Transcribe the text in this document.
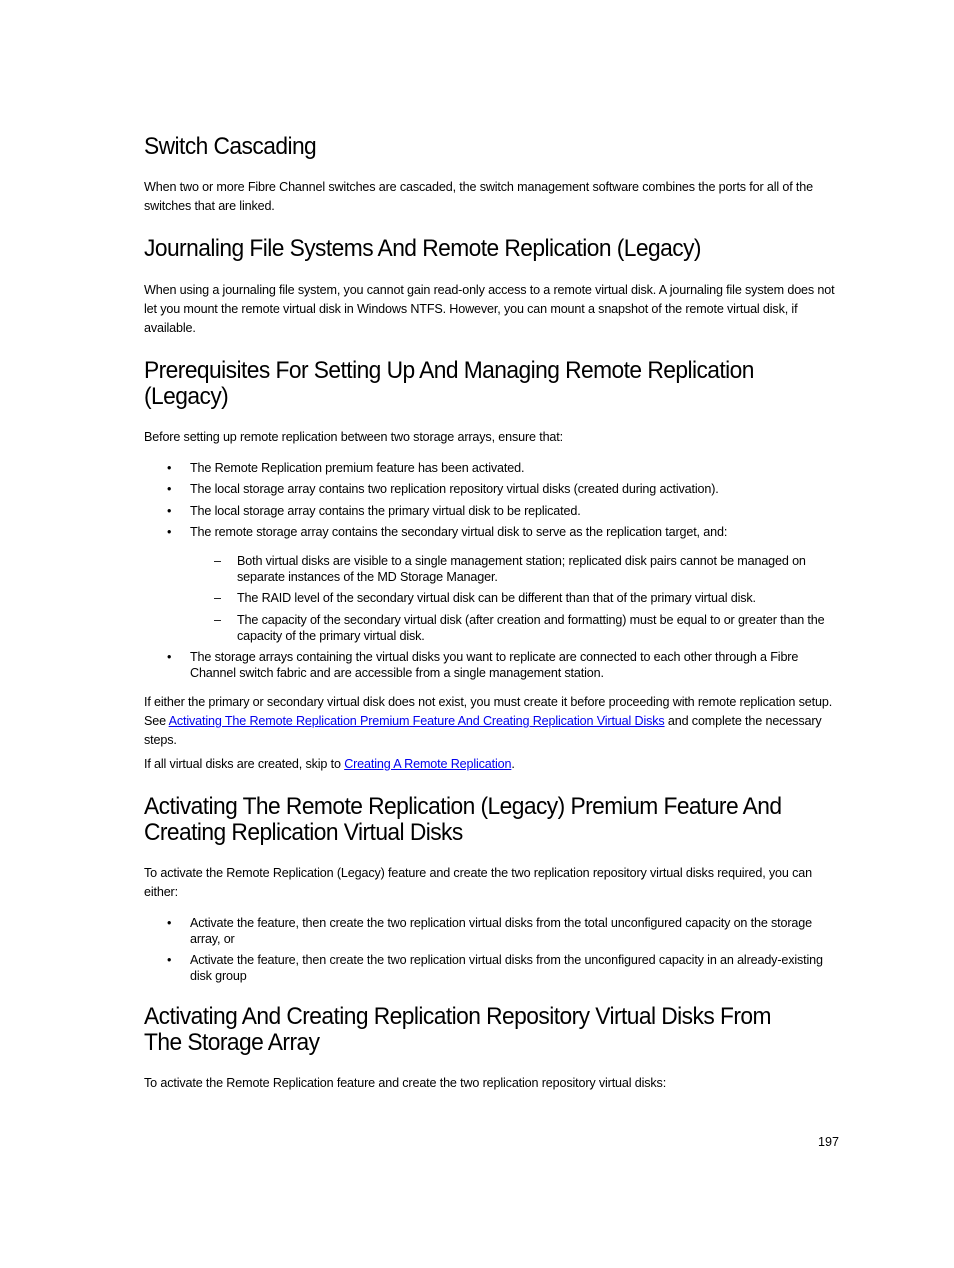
Switch Cascading

When two or more Fibre Channel switches are cascaded, the switch management software combines the ports for all of the switches that are linked.

Journaling File Systems And Remote Replication (Legacy)

When using a journaling file system, you cannot gain read-only access to a remote virtual disk. A journaling file system does not let you mount the remote virtual disk in Windows NTFS. However, you can mount a snapshot of the remote virtual disk, if available.

Prerequisites For Setting Up And Managing Remote Replication
(Legacy)

Before setting up remote replication between two storage arrays, ensure that:

• The Remote Replication premium feature has been activated.
• The local storage array contains two replication repository virtual disks (created during activation).
• The local storage array contains the primary virtual disk to be replicated.
• The remote storage array contains the secondary virtual disk to serve as the replication target, and:
– Both virtual disks are visible to a single management station; replicated disk pairs cannot be managed on separate instances of the MD Storage Manager.
– The RAID level of the secondary virtual disk can be different than that of the primary virtual disk.
– The capacity of the secondary virtual disk (after creation and formatting) must be equal to or greater than the capacity of the primary virtual disk.
• The storage arrays containing the virtual disks you want to replicate are connected to each other through a Fibre Channel switch fabric and are accessible from a single management station.

If either the primary or secondary virtual disk does not exist, you must create it before proceeding with remote replication setup. See Activating The Remote Replication Premium Feature And Creating Replication Virtual Disks and complete the necessary steps.

If all virtual disks are created, skip to Creating A Remote Replication.

Activating The Remote Replication (Legacy) Premium Feature And
Creating Replication Virtual Disks

To activate the Remote Replication (Legacy) feature and create the two replication repository virtual disks required, you can either:

• Activate the feature, then create the two replication virtual disks from the total unconfigured capacity on the storage array, or
• Activate the feature, then create the two replication virtual disks from the unconfigured capacity in an already-existing disk group
Activating And Creating Replication Repository Virtual Disks From
The Storage Array

To activate the Remote Replication feature and create the two replication repository virtual disks:

197
